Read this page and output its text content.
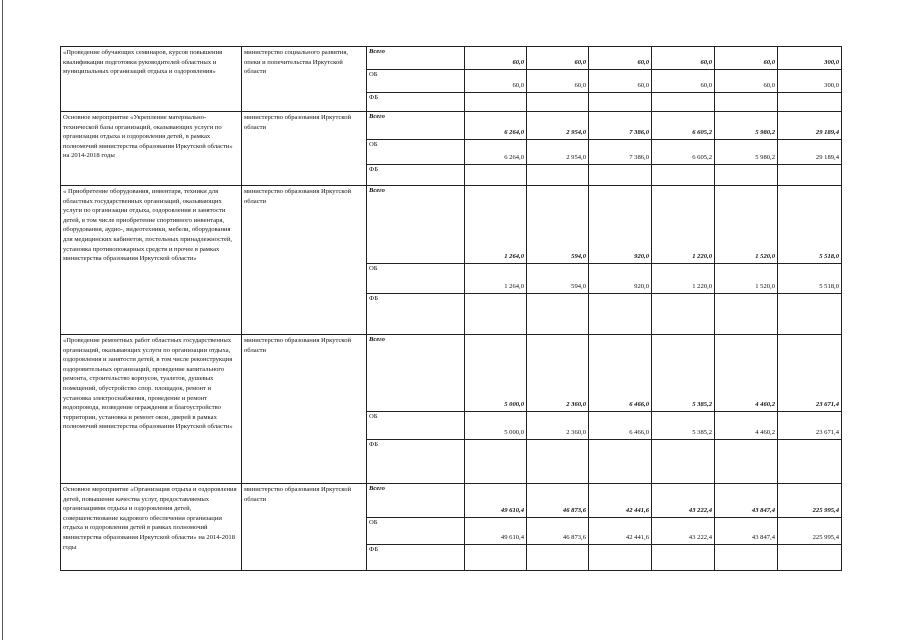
«Проведение обучающих семинаров, курсов повышения квалификации подготовки руководителей областных и муниципальных организаций отдыха и оздоровления»	министерство социального развития, опеки и попечительства Иркутской области	Всего	60,0	60,0	60,0	60,0	60,0	300,0
		ОБ	60,0	60,0	60,0	60,0	60,0	300,0
		ФБ						
Основное мероприятие «Укрепление материально-технической базы организаций, оказывающих услуги по организации отдыха и оздоровления детей, в рамках полномочий министерства образования Иркутской области» на 2014-2018 годы	министерство образования Иркутской области	Всего	6 264,0	2 954,0	7 386,0	6 605,2	5 980,2	29 189,4
		ОБ	6 264,0	2 954,0	7 386,0	6 605,2	5 980,2	29 189,4
		ФБ						
« Приобретение оборудования, инвентаря, техники для областных государственных организаций, оказывающих услуги по организации отдыха, оздоровления и занятости детей, в том числе приобретение спортивного инвентаря, оборудования, аудио-, видеотехники, мебели, оборудования для медицинских кабинетов, постельных принадлежностей, установка противопожарных средств и прочее в рамках министерства образования Иркутской области»	министерство образования Иркутской области	Всего	1 264,0	594,0	920,0	1 220,0	1 520,0	5 518,0
		ОБ	1 264,0	594,0	920,0	1 220,0	1 520,0	5 518,0
		ФБ						
«Проведение ремонтных работ областных государственных организаций, оказывающих услуги по организации отдыха, оздоровления и занятости детей, в том числе реконструкция оздоровительных организаций, проведение капитального ремонта, строительство корпусов, туалетов, душевых помещений, обустройство спор. площадок, ремонт и установка электроснабжения, проведение и ремонт водопровода, возведение ограждения и благоустройство территории, установка и ремонт окон, дверей в рамках полномочий министерства образования Иркутской области»	министерство образования Иркутской области	Всего	5 000,0	2 360,0	6 466,0	5 385,2	4 460,2	23 671,4
		ОБ	5 000,0	2 360,0	6 466,0	5 385,2	4 460,2	23 671,4
		ФБ						
Основное мероприятие «Организация отдыха и оздоровления детей, повышение качества услуг, предоставляемых организациями отдыха и оздоровления детей, совершенствование кадрового обеспечения организации отдыха и оздоровления детей в рамках полномочий министерства образования Иркутской области» на 2014-2018 годы	министерство образования Иркутской области	Всего	49 610,4	46 873,6	42 441,6	43 222,4	43 847,4	225 995,4
		ОБ	49 610,4	46 873,6	42 441,6	43 222,4	43 847,4	225 995,4
		ФБ						
